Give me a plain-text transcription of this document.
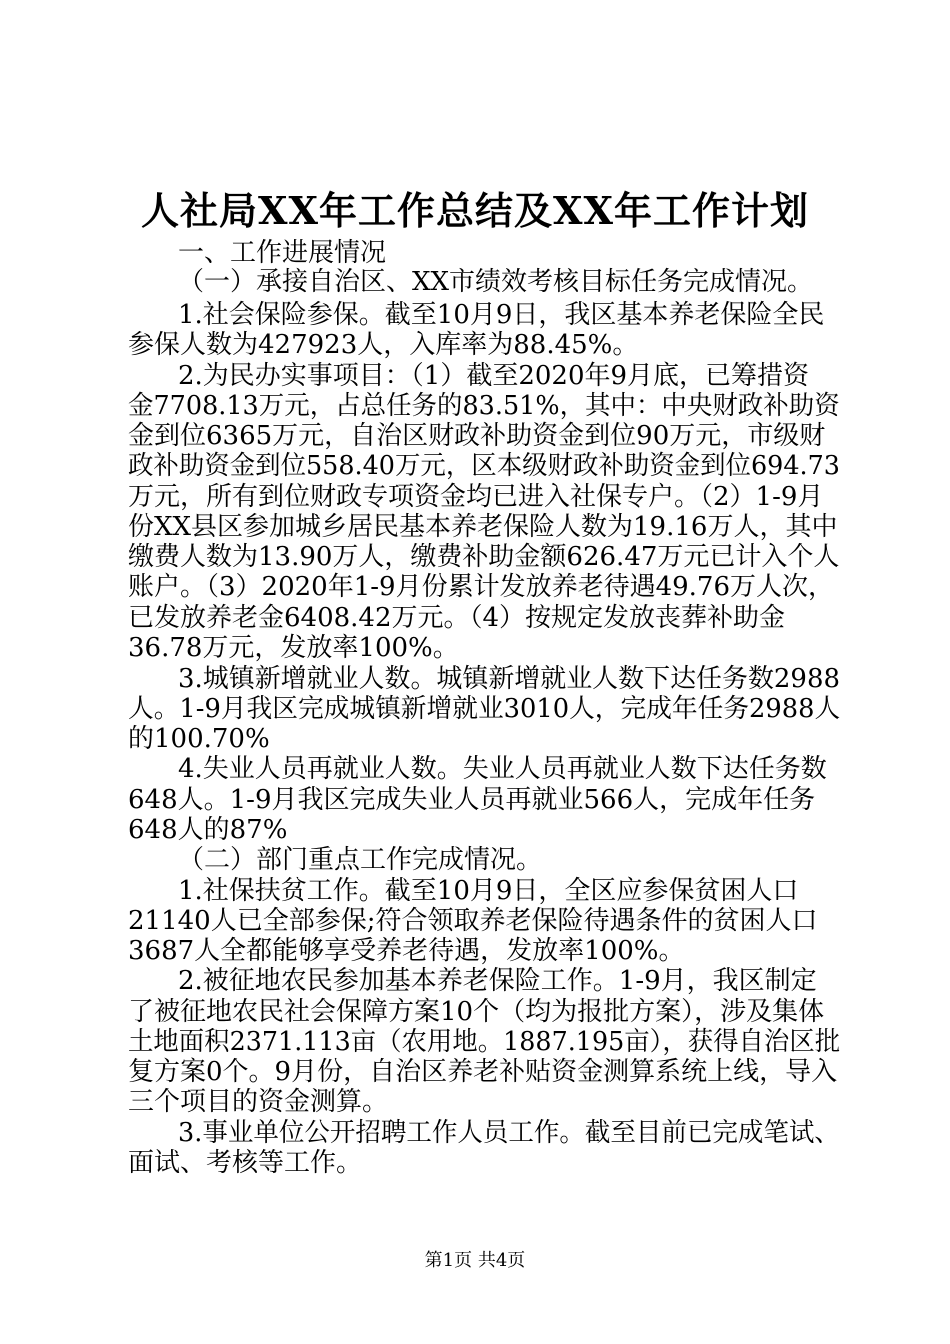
人社局XX年工作总结及XX年工作计划
一、工作进展情况
（一）承接自治区、XX市绩效考核目标任务完成情况。
1.社会保险参保。截至10月9日，我区基本养老保险全民
参保人数为427923人，入库率为88.45%。
2.为民办实事项目：（1）截至2020年9月底，已筹措资
金7708.13万元，占总任务的83.51%，其中：中央财政补助资
金到位6365万元，自治区财政补助资金到位90万元，市级财
政补助资金到位558.40万元，区本级财政补助资金到位694.73
万元，所有到位财政专项资金均已进入社保专户。（2）1-9月
份XX县区参加城乡居民基本养老保险人数为19.16万人，其中
缴费人数为13.90万人，缴费补助金额626.47万元已计入个人
账户。（3）2020年1-9月份累计发放养老待遇49.76万人次，
已发放养老金6408.42万元。（4）按规定发放丧葬补助金
36.78万元，发放率100%。
3.城镇新增就业人数。城镇新增就业人数下达任务数2988
人。1-9月我区完成城镇新增就业3010人，完成年任务2988人
的100.70%
4.失业人员再就业人数。失业人员再就业人数下达任务数
648人。1-9月我区完成失业人员再就业566人，完成年任务
648人的87%
（二）部门重点工作完成情况。
1.社保扶贫工作。截至10月9日，全区应参保贫困人口
21140人已全部参保;符合领取养老保险待遇条件的贫困人口
3687人全都能够享受养老待遇，发放率100%。
2.被征地农民参加基本养老保险工作。1-9月，我区制定
了被征地农民社会保障方案10个（均为报批方案），涉及集体
土地面积2371.113亩（农用地。1887.195亩），获得自治区批
复方案0个。9月份，自治区养老补贴资金测算系统上线，导入
三个项目的资金测算。
3.事业单位公开招聘工作人员工作。截至目前已完成笔试、
面试、考核等工作。
第1页 共4页
